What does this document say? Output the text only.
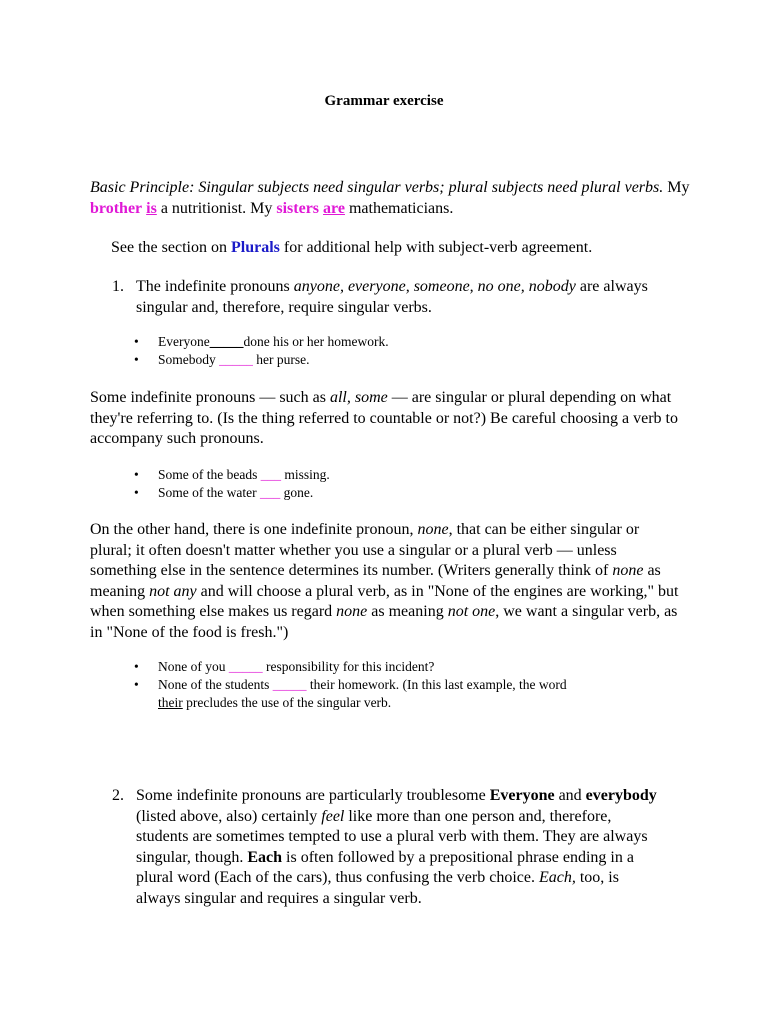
Grammar exercise

Basic Principle: Singular subjects need singular verbs; plural subjects need plural verbs. My brother is a nutritionist. My sisters are mathematicians.

See the section on Plurals for additional help with subject-verb agreement.

1. The indefinite pronouns anyone, everyone, someone, no one, nobody are always singular and, therefore, require singular verbs.
• Everyone_____done his or her homework.
• Somebody _____ her purse.

Some indefinite pronouns — such as all, some — are singular or plural depending on what they're referring to. (Is the thing referred to countable or not?) Be careful choosing a verb to accompany such pronouns.

• Some of the beads ___ missing.
• Some of the water ___ gone.

On the other hand, there is one indefinite pronoun, none, that can be either singular or plural; it often doesn't matter whether you use a singular or a plural verb — unless something else in the sentence determines its number. (Writers generally think of none as meaning not any and will choose a plural verb, as in "None of the engines are working," but when something else makes us regard none as meaning not one, we want a singular verb, as in "None of the food is fresh.")

• None of you _____ responsibility for this incident?
• None of the students _____ their homework. (In this last example, the word their precludes the use of the singular verb.
2. Some indefinite pronouns are particularly troublesome Everyone and everybody (listed above, also) certainly feel like more than one person and, therefore, students are sometimes tempted to use a plural verb with them. They are always singular, though. Each is often followed by a prepositional phrase ending in a plural word (Each of the cars), thus confusing the verb choice. Each, too, is always singular and requires a singular verb.
